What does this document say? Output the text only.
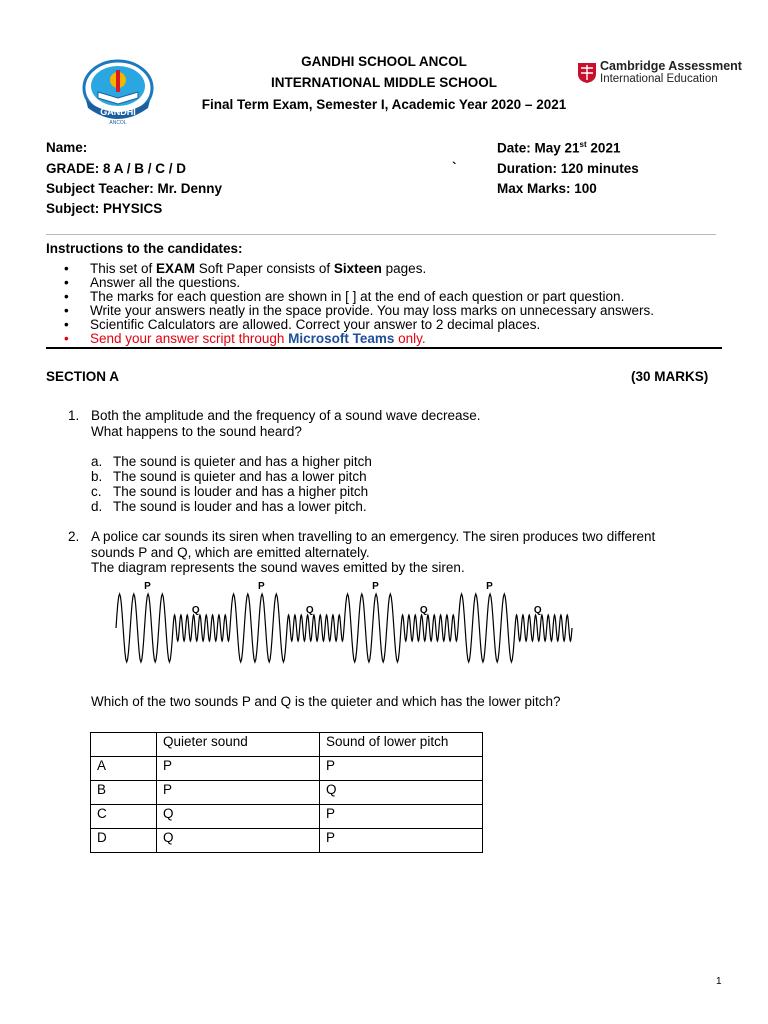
GANDHI
ANCOL
Cambridge Assessment
International Education
GANDHI SCHOOL ANCOL
INTERNATIONAL MIDDLE SCHOOL
Final Term Exam, Semester I, Academic Year 2020 – 2021
Name:
GRADE: 8 A / B / C / D
Subject Teacher: Mr. Denny
Subject: PHYSICS
`
Date: May 21st 2021
Duration: 120 minutes
Max Marks: 100
Instructions to the candidates:
• This set of EXAM Soft Paper consists of Sixteen pages.
• Answer all the questions.
• The marks for each question are shown in [ ] at the end of each question or part question.
• Write your answers neatly in the space provide. You may loss marks on unnecessary answers.
• Scientific Calculators are allowed. Correct your answer to 2 decimal places.
• Send your answer script through Microsoft Teams only.
SECTION A	(30 MARKS)
1. Both the amplitude and the frequency of a sound wave decrease.
What happens to the sound heard?
a. The sound is quieter and has a higher pitch
b. The sound is quieter and has a lower pitch
c. The sound is louder and has a higher pitch
d. The sound is louder and has a lower pitch.
2. A police car sounds its siren when travelling to an emergency. The siren produces two different
sounds P and Q, which are emitted alternately.
The diagram represents the sound waves emitted by the siren.
P
Q
P
Q
P
Q
P
Q
Which of the two sounds P and Q is the quieter and which has the lower pitch?
	Quieter sound	Sound of lower pitch
A	P	P
B	P	Q
C	Q	P
D	Q	P
1
